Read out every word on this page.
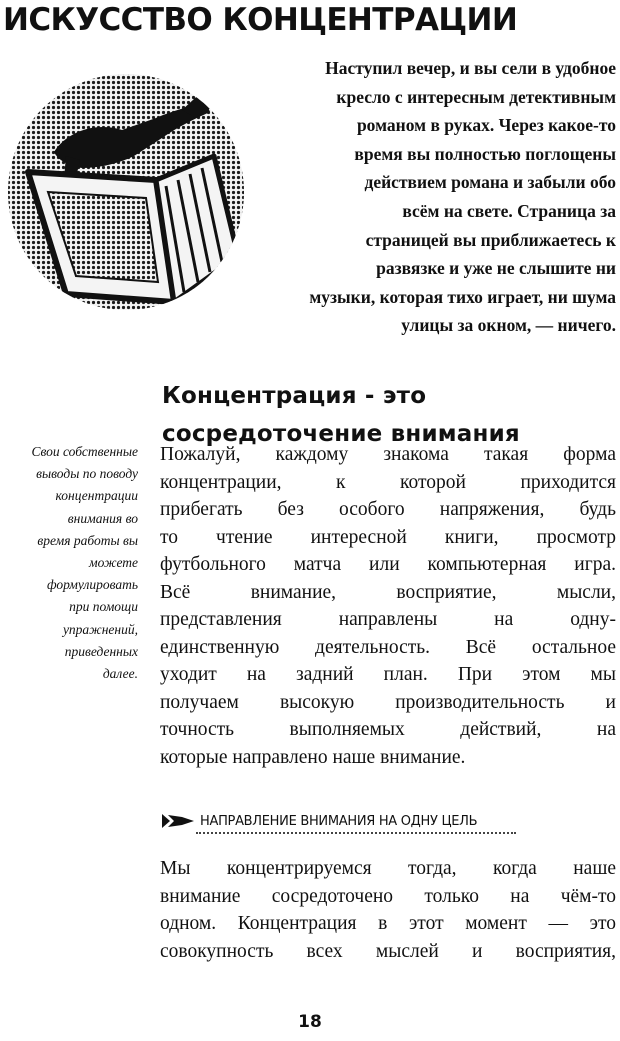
ИСКУССТВО КОНЦЕНТРАЦИИ
Наступил вечер, и вы сели в удобное
кресло с интересным детективным
романом в руках. Через какое-то
время вы полностью поглощены
действием романа и забыли обо
всём на свете. Страница за
страницей вы приближаетесь к
развязке и уже не слышите ни
музыки, которая тихо играет, ни шума
улицы за окном, — ничего.
Концентрация - это
сосредоточение внимания
Свои собственные
выводы по поводу
концентрации
внимания во
время работы вы
можете
формулировать
при помощи
упражнений,
приведенных
далее.
Пожалуй, каждому знакома такая форма
концентрации, к которой приходится
прибегать без особого напряжения, будь
то чтение интересной книги, просмотр
футбольного матча или компьютерная игра.
Всё внимание, восприятие, мысли,
представления направлены на одну-
единственную деятельность. Всё остальное
уходит на задний план. При этом мы
получаем высокую производительность и
точность выполняемых действий, на
которые направлено наше внимание.
НАПРАВЛЕНИЕ ВНИМАНИЯ НА ОДНУ ЦЕЛЬ
Мы концентрируемся тогда, когда наше
внимание сосредоточено только на чём-то
одном. Концентрация в этот момент — это
совокупность всех мыслей и восприятия,
18
